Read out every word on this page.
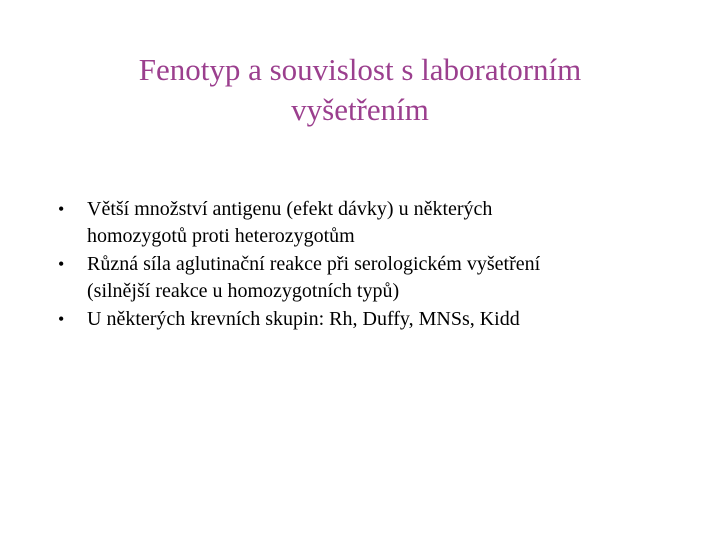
Fenotyp a souvislost s laboratorním
vyšetřením
•	Větší množství antigenu (efekt dávky) u některých
homozygotů proti heterozygotům
•	Různá síla aglutinační reakce při serologickém vyšetření
(silnější reakce u homozygotních typů)
•	U některých krevních skupin: Rh, Duffy, MNSs, Kidd
